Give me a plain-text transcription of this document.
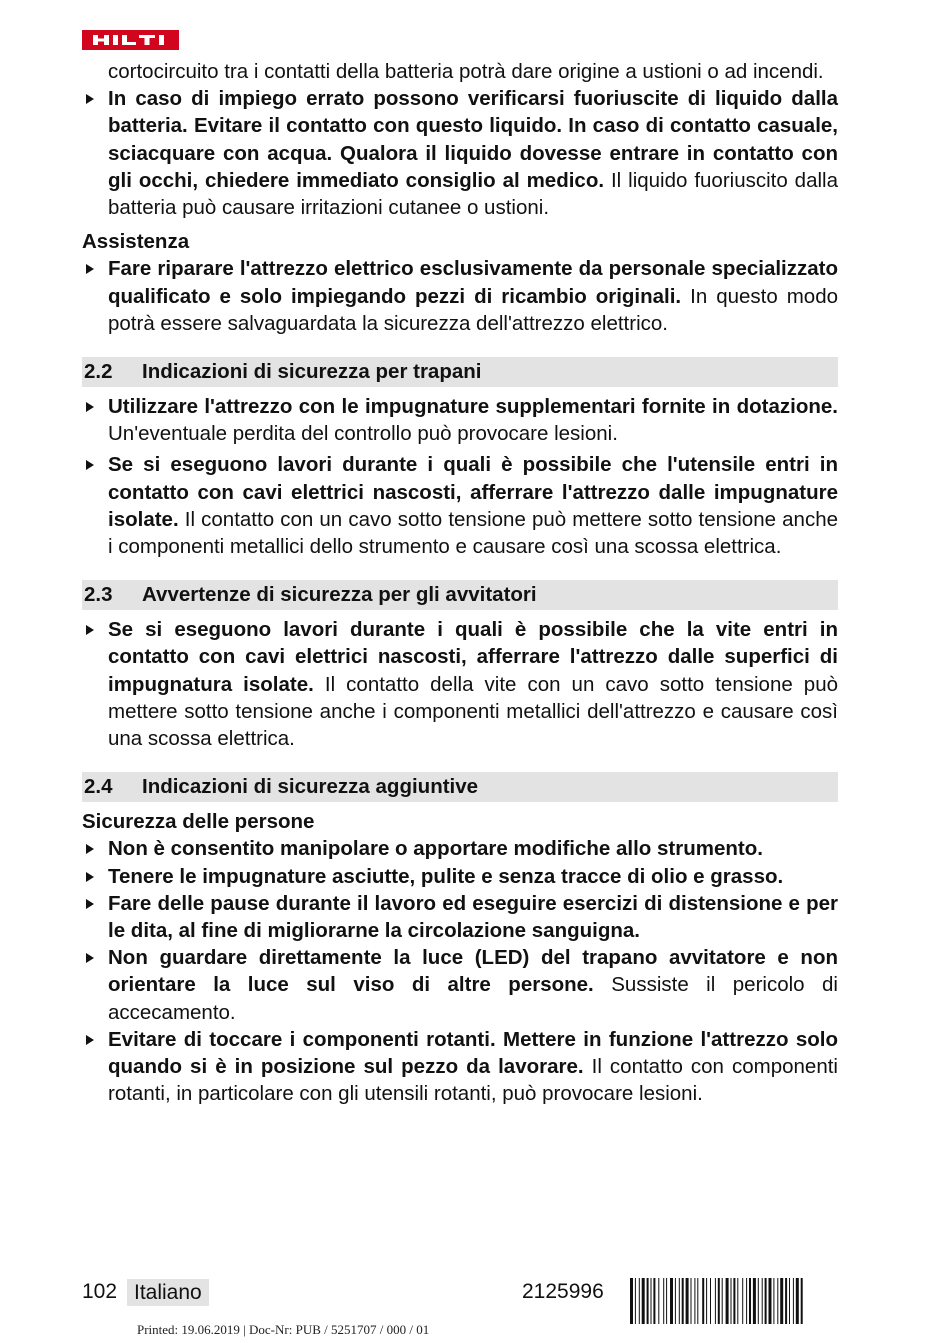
cortocircuito tra i contatti della batteria potrà dare origine a ustioni o ad incendi.

In caso di impiego errato possono verificarsi fuoriuscite di liquido dalla batteria. Evitare il contatto con questo liquido. In caso di contatto casuale, sciacquare con acqua. Qualora il liquido dovesse entrare in contatto con gli occhi, chiedere immediato consiglio al medico. Il liquido fuoriuscito dalla batteria può causare irritazioni cutanee o ustioni.
Assistenza
Fare riparare l'attrezzo elettrico esclusivamente da personale specializzato qualificato e solo impiegando pezzi di ricambio originali. In questo modo potrà essere salvaguardata la sicurezza dell'attrezzo elettrico.
2.2	Indicazioni di sicurezza per trapani
Utilizzare l'attrezzo con le impugnature supplementari fornite in dotazione. Un'eventuale perdita del controllo può provocare lesioni.
Se si eseguono lavori durante i quali è possibile che l'utensile entri in contatto con cavi elettrici nascosti, afferrare l'attrezzo dalle impugnature isolate. Il contatto con un cavo sotto tensione può mettere sotto tensione anche i componenti metallici dello strumento e causare così una scossa elettrica.
2.3	Avvertenze di sicurezza per gli avvitatori
Se si eseguono lavori durante i quali è possibile che la vite entri in contatto con cavi elettrici nascosti, afferrare l'attrezzo dalle superfici di impugnatura isolate. Il contatto della vite con un cavo sotto tensione può mettere sotto tensione anche i componenti metallici dell'attrezzo e causare così una scossa elettrica.
2.4	Indicazioni di sicurezza aggiuntive
Sicurezza delle persone
Non è consentito manipolare o apportare modifiche allo strumento.
Tenere le impugnature asciutte, pulite e senza tracce di olio e grasso.
Fare delle pause durante il lavoro ed eseguire esercizi di distensione e per le dita, al fine di migliorarne la circolazione sanguigna.
Non guardare direttamente la luce (LED) del trapano avvitatore e non orientare la luce sul viso di altre persone. Sussiste il pericolo di accecamento.
Evitare di toccare i componenti rotanti. Mettere in funzione l'attrezzo solo quando si è in posizione sul pezzo da lavorare. Il contatto con componenti rotanti, in particolare con gli utensili rotanti, può provocare lesioni.
102 Italiano	2125996
Printed: 19.06.2019 | Doc-Nr: PUB / 5251707 / 000 / 01
